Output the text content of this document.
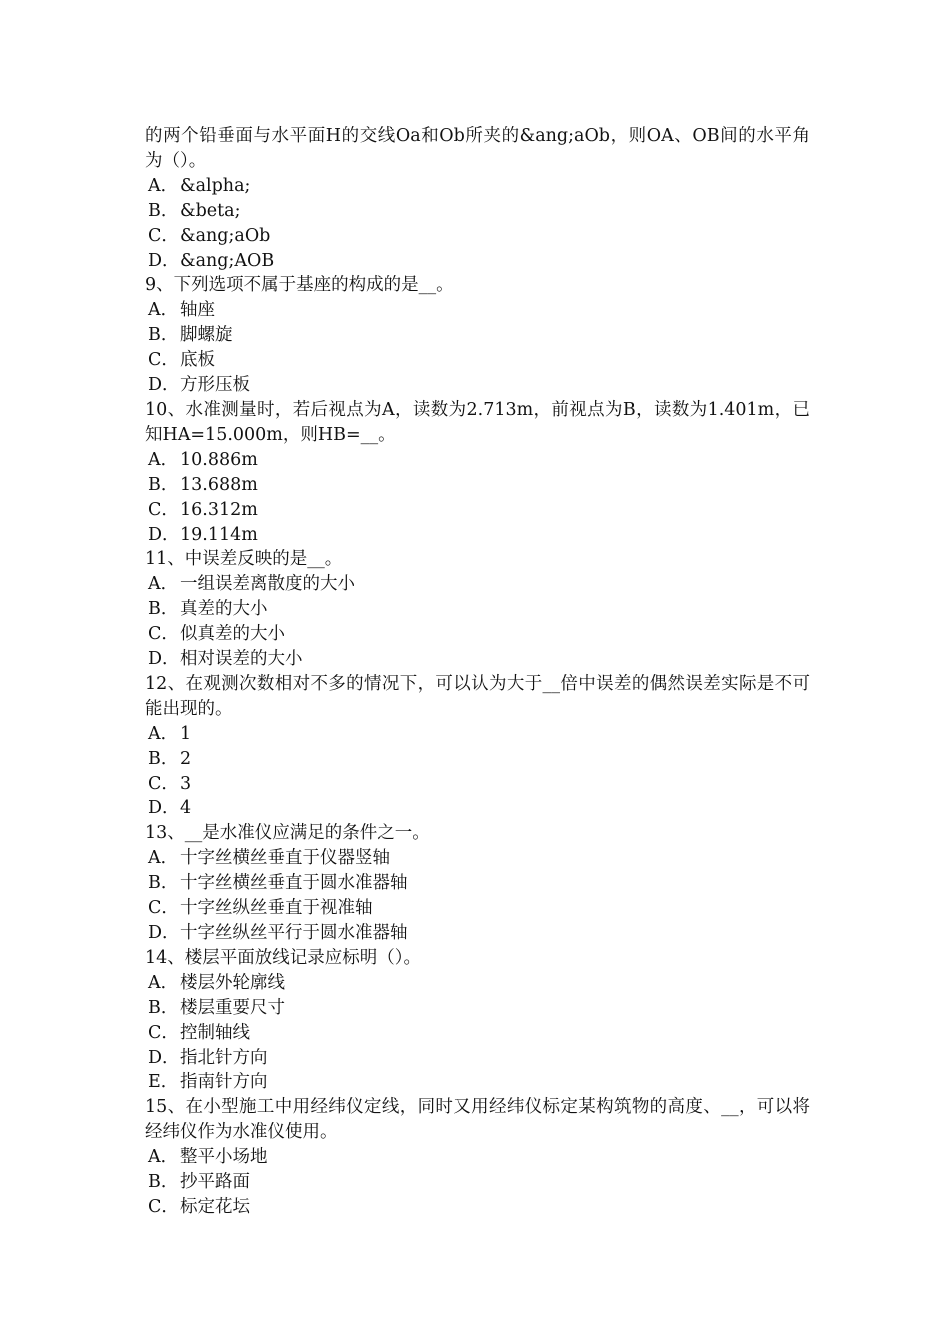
的两个铅垂面与水平面H的交线Oa和Ob所夹的&ang;aOb，则OA、OB间的水平角为（）。

A． &alpha;

B．&beta;

C．&ang;aOb

D．&ang;AOB

9、下列选项不属于基座的构成的是__。

A． 轴座

B．脚螺旋

C．底板

D．方形压板

10、水准测量时，若后视点为A，读数为2.713m，前视点为B，读数为1.401m，已知HA=15.000m，则HB=__。

A． 10.886m

B．13.688m

C．16.312m

D．19.114m

11、中误差反映的是__。

A． 一组误差离散度的大小

B．真差的大小

C．似真差的大小

D．相对误差的大小

12、在观测次数相对不多的情况下，可以认为大于__倍中误差的偶然误差实际是不可能出现的。

A． 1

B．2

C．3

D．4

13、__是水准仪应满足的条件之一。

A． 十字丝横丝垂直于仪器竖轴

B．十字丝横丝垂直于圆水准器轴

C．十字丝纵丝垂直于视准轴

D．十字丝纵丝平行于圆水准器轴

14、楼层平面放线记录应标明（）。

A． 楼层外轮廓线

B．楼层重要尺寸

C．控制轴线

D．指北针方向

E．指南针方向

15、在小型施工中用经纬仪定线，同时又用经纬仪标定某构筑物的高度、__，可以将经纬仪作为水准仪使用。

A． 整平小场地

B．抄平路面

C．标定花坛
